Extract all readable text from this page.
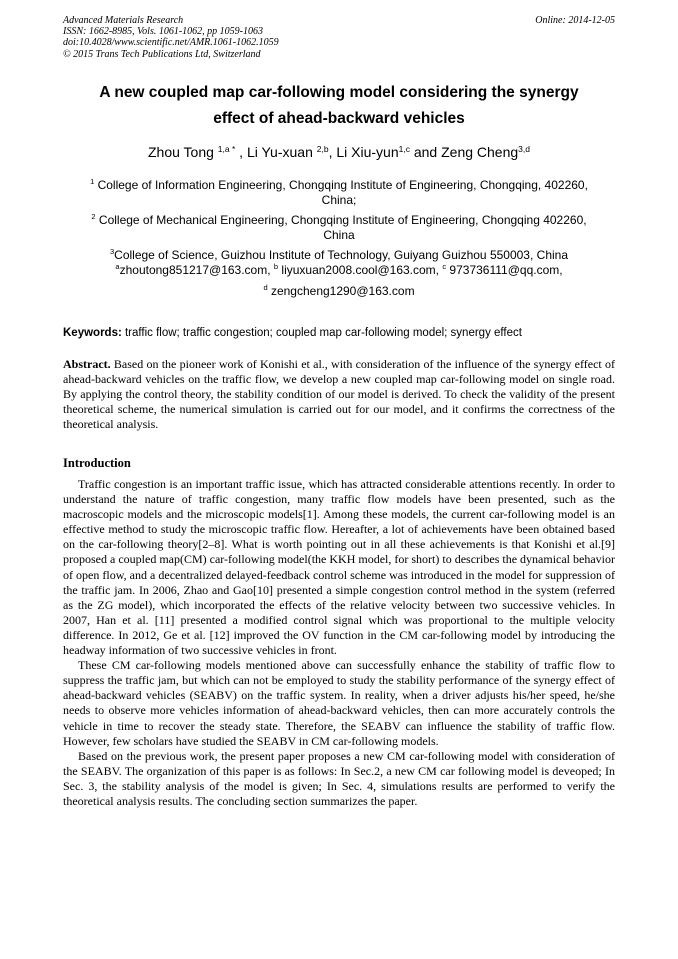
Advanced Materials Research
ISSN: 1662-8985, Vols. 1061-1062, pp 1059-1063
doi:10.4028/www.scientific.net/AMR.1061-1062.1059
© 2015 Trans Tech Publications Ltd, Switzerland
Online: 2014-12-05
A new coupled map car-following model considering the synergy
effect of ahead-backward vehicles
Zhou Tong $^{1,a *}$ , Li Yu-xuan $^{2,b}$, Li Xiu-yun$^{1,c}$ and Zeng Cheng$^{3,d}$
$^1$ College of Information Engineering, Chongqing Institute of Engineering, Chongqing, 402260,
China;
$^2$ College of Mechanical Engineering, Chongqing Institute of Engineering, Chongqing 402260,
China
$^3$College of Science, Guizhou Institute of Technology, Guiyang Guizhou 550003, China
$^a$zhoutong851217@163.com, $^b$ liyuxuan2008.cool@163.com, $^c$ 973736111@qq.com,
$^d$ zengcheng1290@163.com
Keywords: traffic flow; traffic congestion; coupled map car-following model; synergy effect
Abstract. Based on the pioneer work of Konishi et al., with consideration of the influence of the synergy effect of ahead-backward vehicles on the traffic flow, we develop a new coupled map car-following model on single road. By applying the control theory, the stability condition of our model is derived. To check the validity of the present theoretical scheme, the numerical simulation is carried out for our model, and it confirms the correctness of the theoretical analysis.
Introduction

Traffic congestion is an important traffic issue, which has attracted considerable attentions recently. In order to understand the nature of traffic congestion, many traffic flow models have been presented, such as the macroscopic models and the microscopic models[1]. Among these models, the current car-following model is an effective method to study the microscopic traffic flow. Hereafter, a lot of achievements have been obtained based on the car-following theory[2–8]. What is worth pointing out in all these achievements is that Konishi et al.[9] proposed a coupled map(CM) car-following model(the KKH model, for short) to describes the dynamical behavior of open flow, and a decentralized delayed-feedback control scheme was introduced in the model for suppression of the traffic jam. In 2006, Zhao and Gao[10] presented a simple congestion control method in the system (referred as the ZG model), which incorporated the effects of the relative velocity between two successive vehicles. In 2007, Han et al. [11] presented a modified control signal which was proportional to the multiple velocity difference. In 2012, Ge et al. [12] improved the OV function in the CM car-following model by introducing the headway information of two successive vehicles in front.

These CM car-following models mentioned above can successfully enhance the stability of traffic flow to suppress the traffic jam, but which can not be employed to study the stability performance of the synergy effect of ahead-backward vehicles (SEABV) on the traffic system. In reality, when a driver adjusts his/her speed, he/she needs to observe more vehicles information of ahead-backward vehicles, then can more accurately controls the vehicle in time to recover the steady state. Therefore, the SEABV can influence the stability of traffic flow. However, few scholars have studied the SEABV in CM car-following models.

Based on the previous work, the present paper proposes a new CM car-following model with consideration of the SEABV. The organization of this paper is as follows: In Sec.2, a new CM car following model is deveoped; In Sec. 3, the stability analysis of the model is given; In Sec. 4, simulations results are performed to verify the theoretical analysis results. The concluding section summarizes the paper.
